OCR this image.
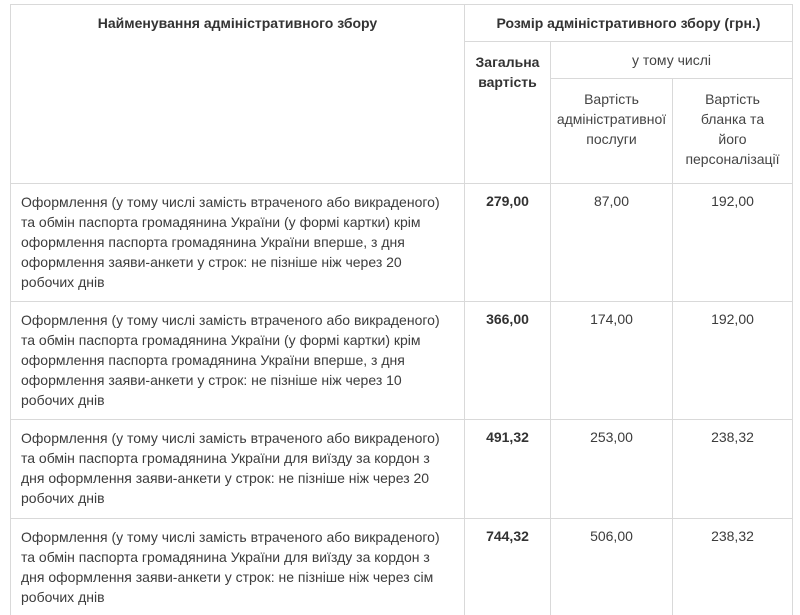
Найменування адміністративного збору	Розмір адміністративного збору (грн.)		

	Загальна
вартість	у тому числі	

		Вартість
адміністративної
послуги	Вартість
бланка та
його
персоналізації

Оформлення (у тому числі замість втраченого або викраденого)
та обмін паспорта громадянина України (у формі картки) крім
оформлення паспорта громадянина України вперше, з дня
оформлення заяви-анкети у строк: не пізніше ніж через 20
робочих днів	279,00	87,00	192,00

Оформлення (у тому числі замість втраченого або викраденого)
та обмін паспорта громадянина України (у формі картки) крім
оформлення паспорта громадянина України вперше, з дня
оформлення заяви-анкети у строк: не пізніше ніж через 10
робочих днів	366,00	174,00	192,00

Оформлення (у тому числі замість втраченого або викраденого)
та обмін паспорта громадянина України для виїзду за кордон з
дня оформлення заяви-анкети у строк: не пізніше ніж через 20
робочих днів	491,32	253,00	238,32

Оформлення (у тому числі замість втраченого або викраденого)
та обмін паспорта громадянина України для виїзду за кордон з
дня оформлення заяви-анкети у строк: не пізніше ніж через сім
робочих днів	744,32	506,00	238,32
